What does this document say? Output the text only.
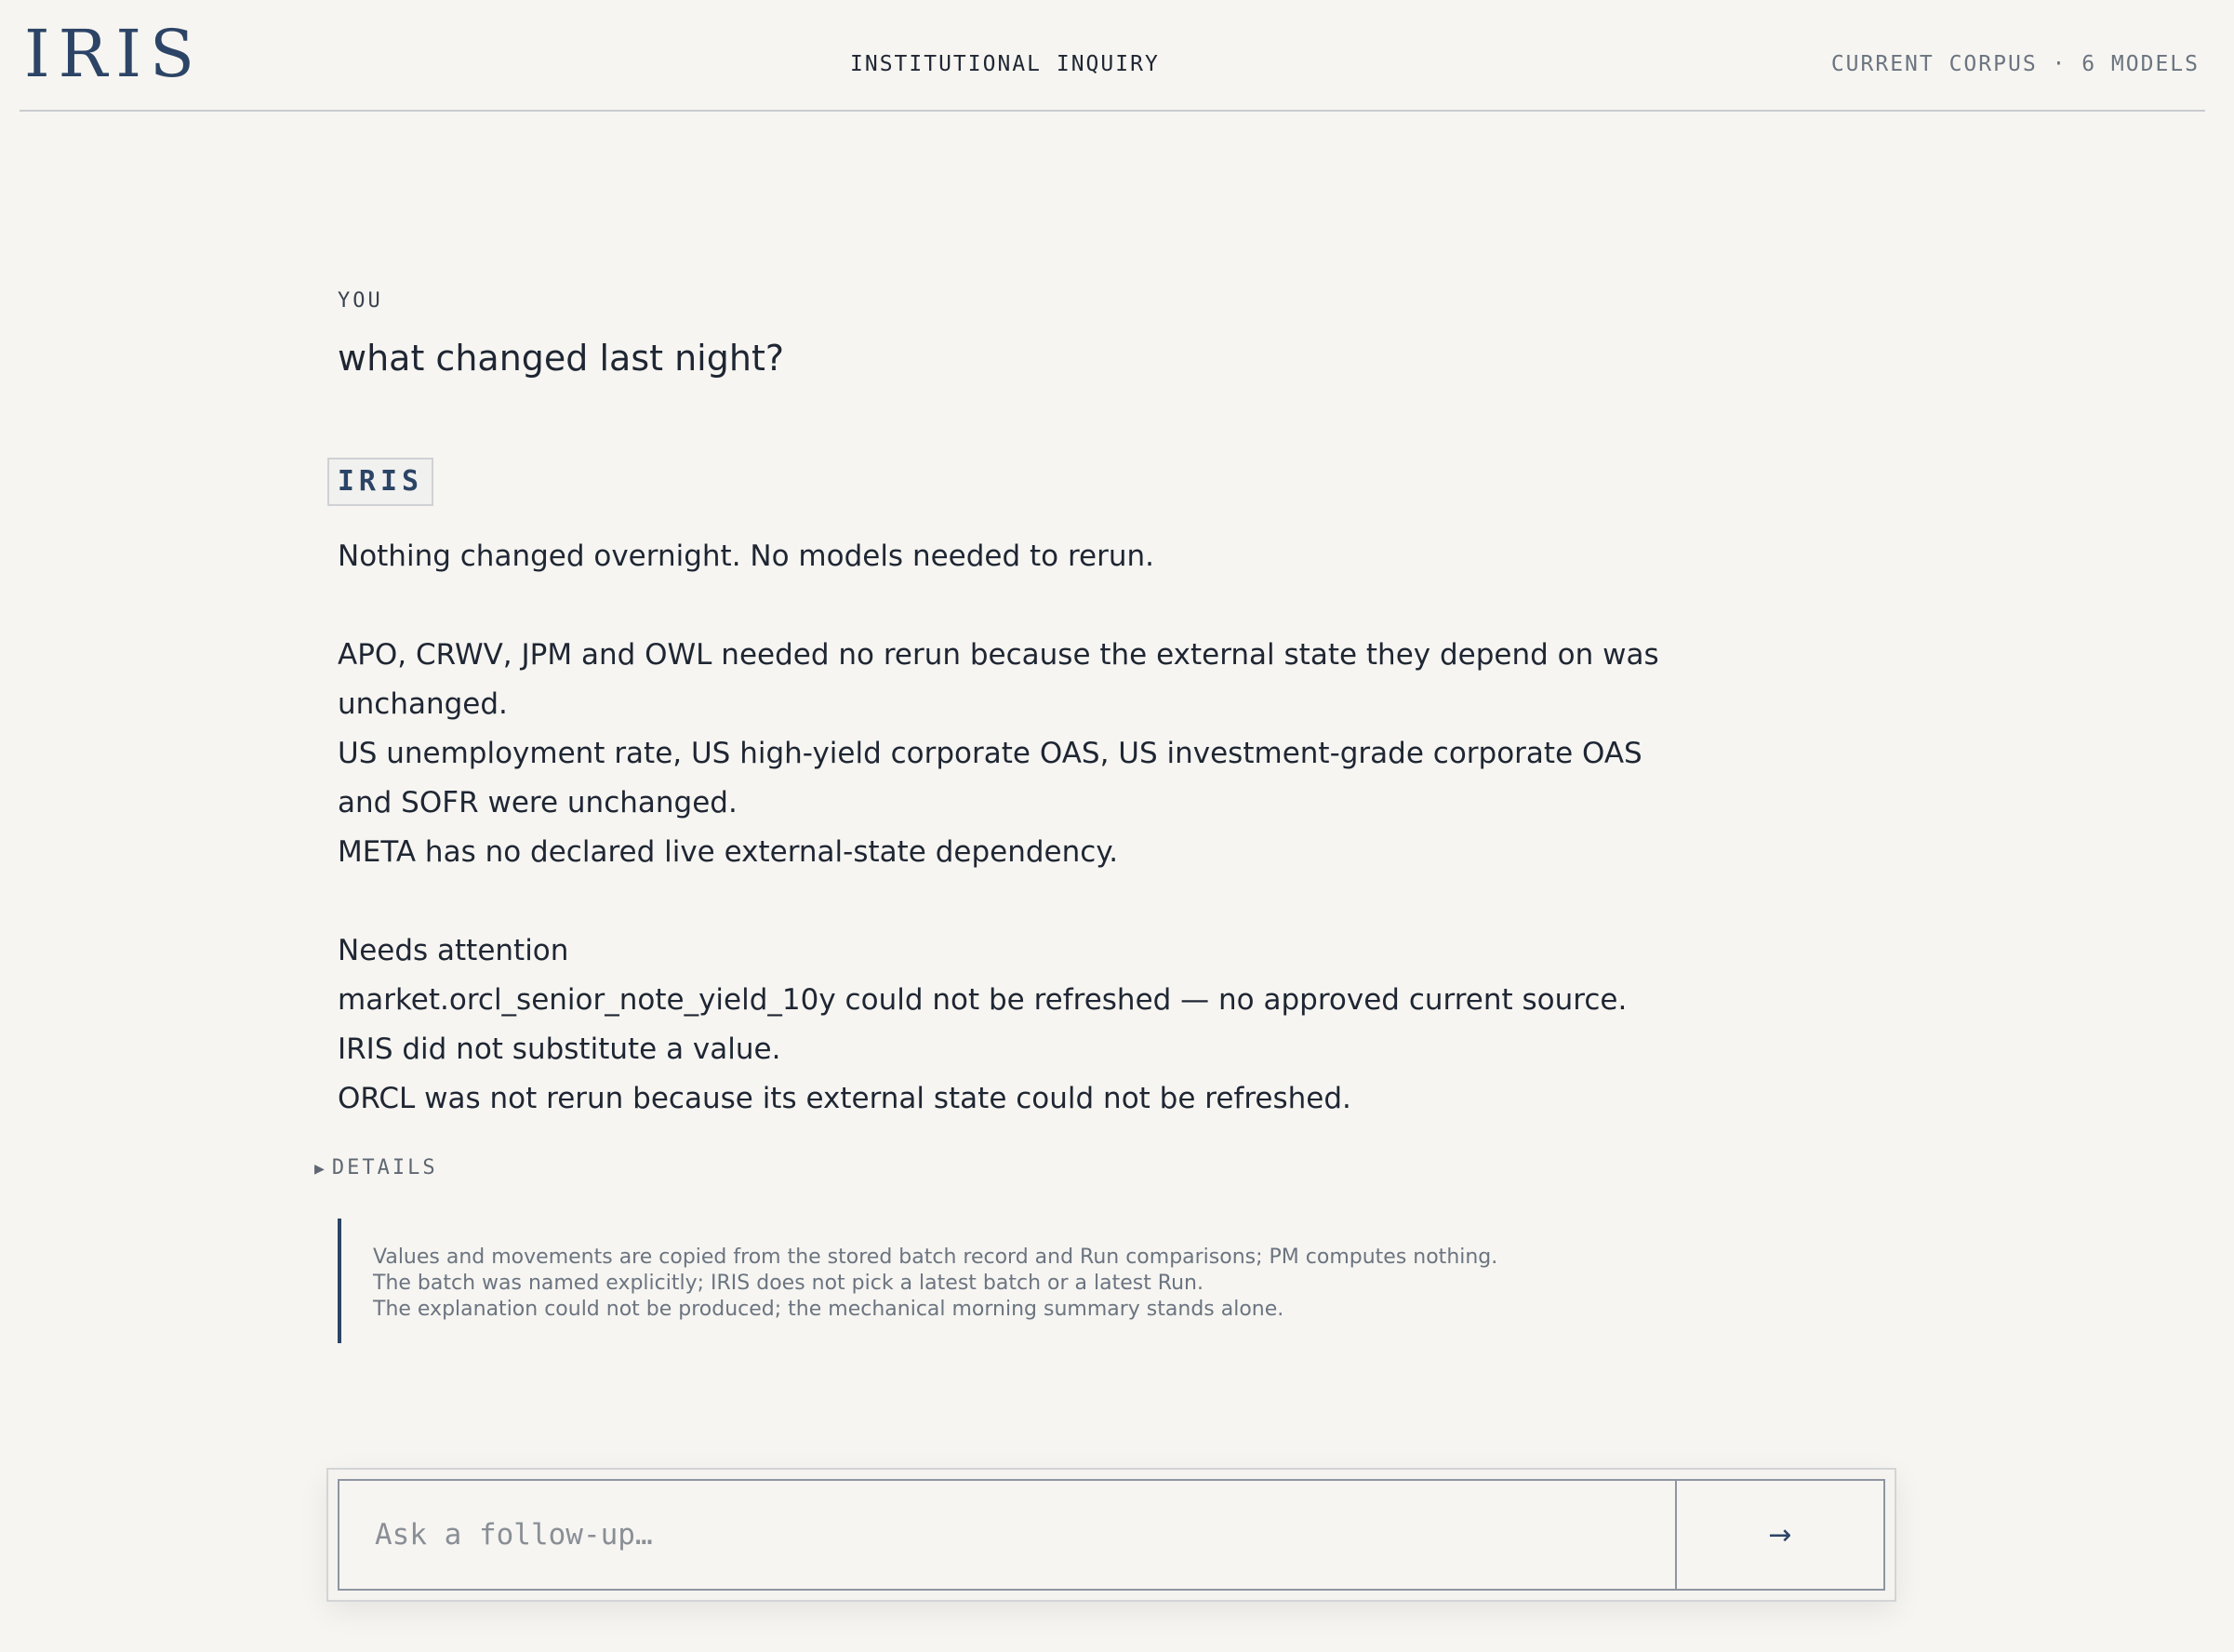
IRIS	INSTITUTIONAL INQUIRY	CURRENT CORPUS · 6 MODELS
YOU
what changed last night?
IRIS

Nothing changed overnight. No models needed to rerun.

APO, CRWV, JPM and OWL needed no rerun because the external state they depend on was unchanged.

US unemployment rate, US high-yield corporate OAS, US investment-grade corporate OAS and SOFR were unchanged.

META has no declared live external-state dependency.

Needs attention

market.orcl_senior_note_yield_10y could not be refreshed — no approved current source. IRIS did not substitute a value.

ORCL was not rerun because its external state could not be refreshed.

▶ DETAILS
Values and movements are copied from the stored batch record and Run comparisons; PM computes nothing.
The batch was named explicitly; IRIS does not pick a latest batch or a latest Run.
The explanation could not be produced; the mechanical morning summary stands alone.
Ask a follow-up…
→
